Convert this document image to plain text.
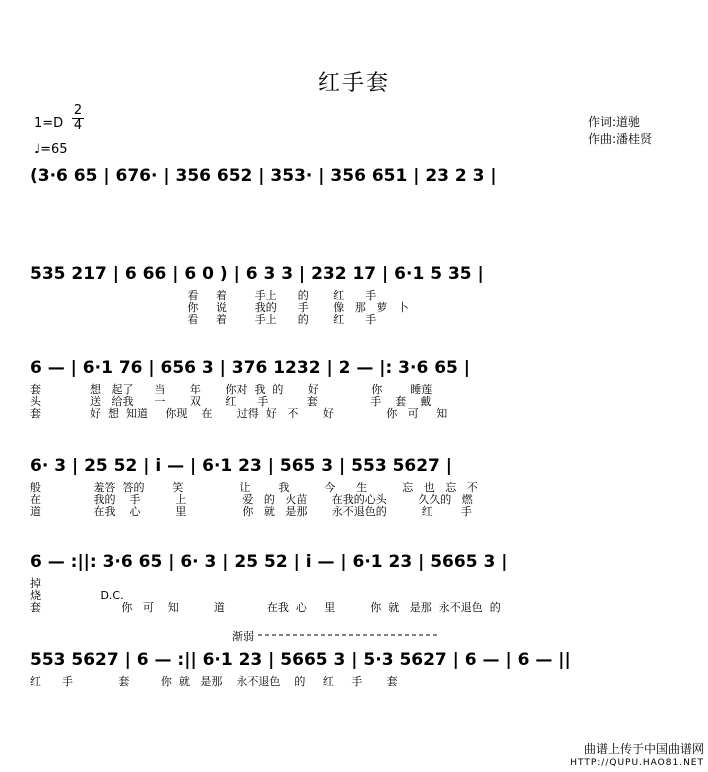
红手套
1=D
2
4
♩=65
作词:道驰
作曲:潘桂贤
(3·6 65 | 676· | 356 652 | 353· | 356 651 | 23 2 3 |
535 217 | 6 66 | 6 0 ) | 6 3 3 | 232 17 | 6·1 5 35 |
看     着        手上      的       红      手
你     说        我的      手       像   那   萝   卜
看     着        手上      的       红      手
6 — | 6·1 76 | 656 3 | 376 1232 | 2 — |: 3·6 65 |
套              想   起了      当       年       你对  我  的       好               你        睡莲
头              送   给我      一       双       红      手           套               手    套    戴
套              好  想  知道     你现    在       过得  好   不       好               你   可     知
6· 3 | 25 52 | i — | 6·1 23 | 565 3 | 553 5627 |
般               羞答  答的        笑                让        我          今      生          忘   也   忘   不
在               我的    手          上                爱   的   火苗       在我的心头         久久的   燃
道               在我    心          里                你   就   是那       永不退色的          红        手
6 — :||: 3·6 65 | 6· 3 | 25 52 | i — | 6·1 23 | 5665 3 |
掉
烧                 D.C.
套                       你   可    知          道            在我  心     里          你  就   是那  永不退色  的
渐弱
553 5627 | 6 — :|| 6·1 23 | 5665 3 | 5·3 5627 | 6 — | 6 — ||
红      手             套         你  就   是那    永不退色    的     红     手       套
曲谱上传于中国曲谱网
HTTP://QUPU.HAO81.NET
